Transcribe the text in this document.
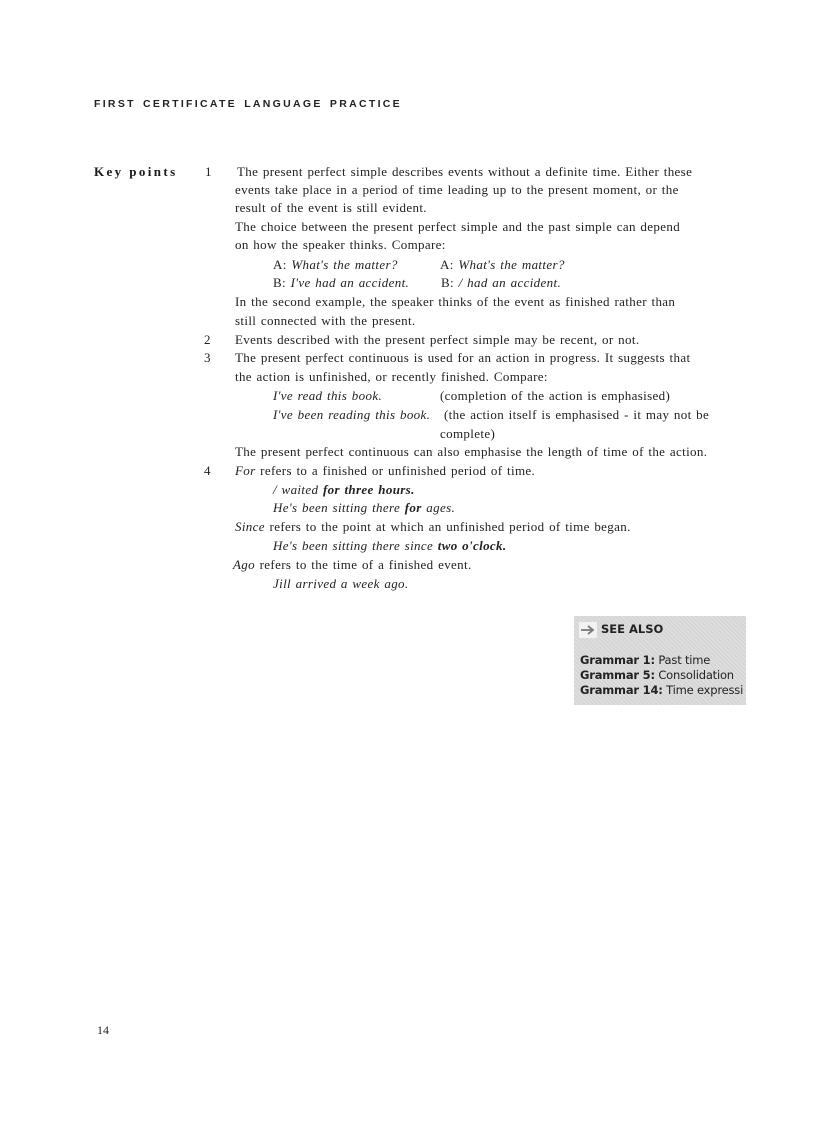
FIRST CERTIFICATE LANGUAGE PRACTICE
Key points 1 The present perfect simple describes events without a definite time. Either these
events take place in a period of time leading up to the present moment, or the
result of the event is still evident.
The choice between the present perfect simple and the past simple can depend
on how the speaker thinks. Compare:
A: What's the matter?	A: What's the matter?
B: I've had an accident. B: / had an accident.
In the second example, the speaker thinks of the event as finished rather than
still connected with the present.
2 Events described with the present perfect simple may be recent, or not.
3 The present perfect continuous is used for an action in progress. It suggests that
the action is unfinished, or recently finished. Compare:
I've read this book.	(completion of the action is emphasised)
I've been reading this book. (the action itself is emphasised - it may not be
complete)
The present perfect continuous can also emphasise the length of time of the action.
4 For refers to a finished or unfinished period of time.
/ waited for three hours.
He's been sitting there for ages.
Since refers to the point at which an unfinished period of time began.
He's been sitting there since two o'clock.
Ago refers to the time of a finished event.
Jill arrived a week ago.
SEE ALSO
Grammar 1: Past time
Grammar 5: Consolidation
Grammar 14: Time expressi
14
